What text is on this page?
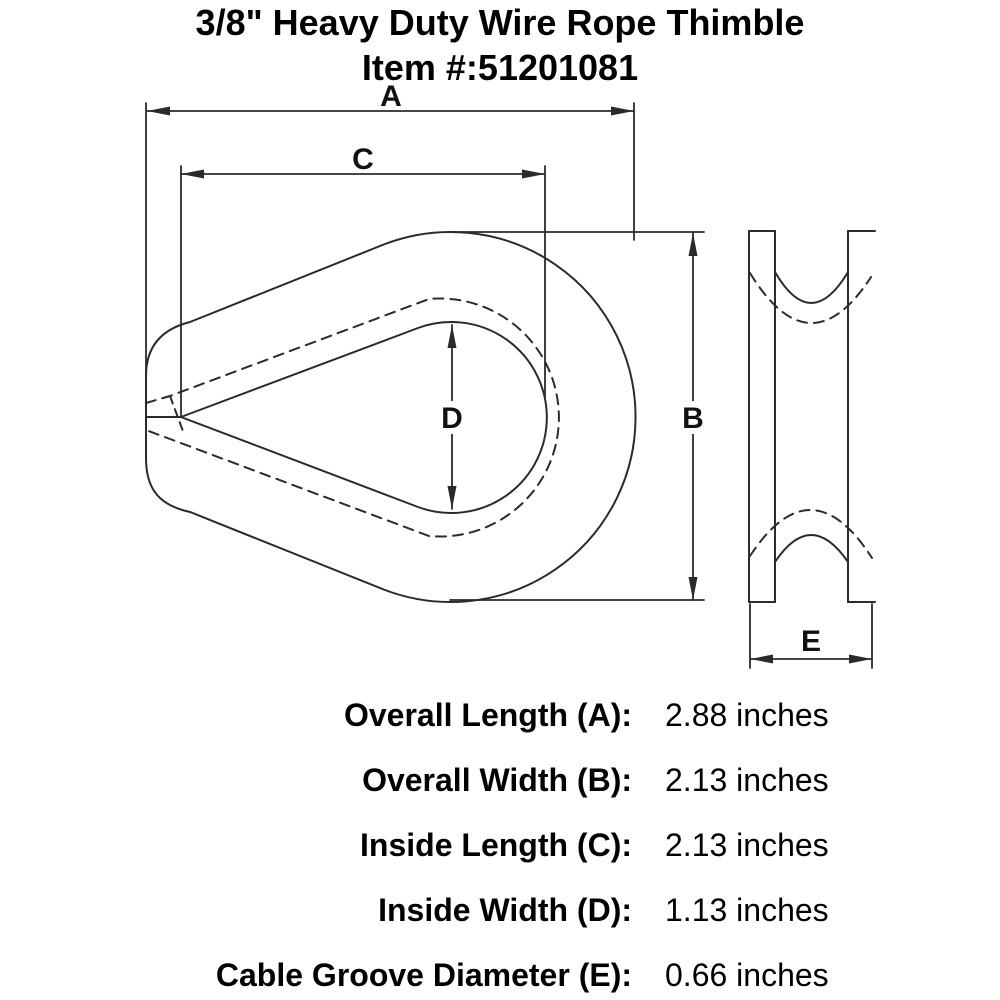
3/8" Heavy Duty Wire Rope Thimble
Item #:51201081
A
C
B
D
E
Overall Length (A): 2.88 inches
Overall Width (B): 2.13 inches
Inside Length (C): 2.13 inches
Inside Width (D): 1.13 inches
Cable Groove Diameter (E): 0.66 inches
